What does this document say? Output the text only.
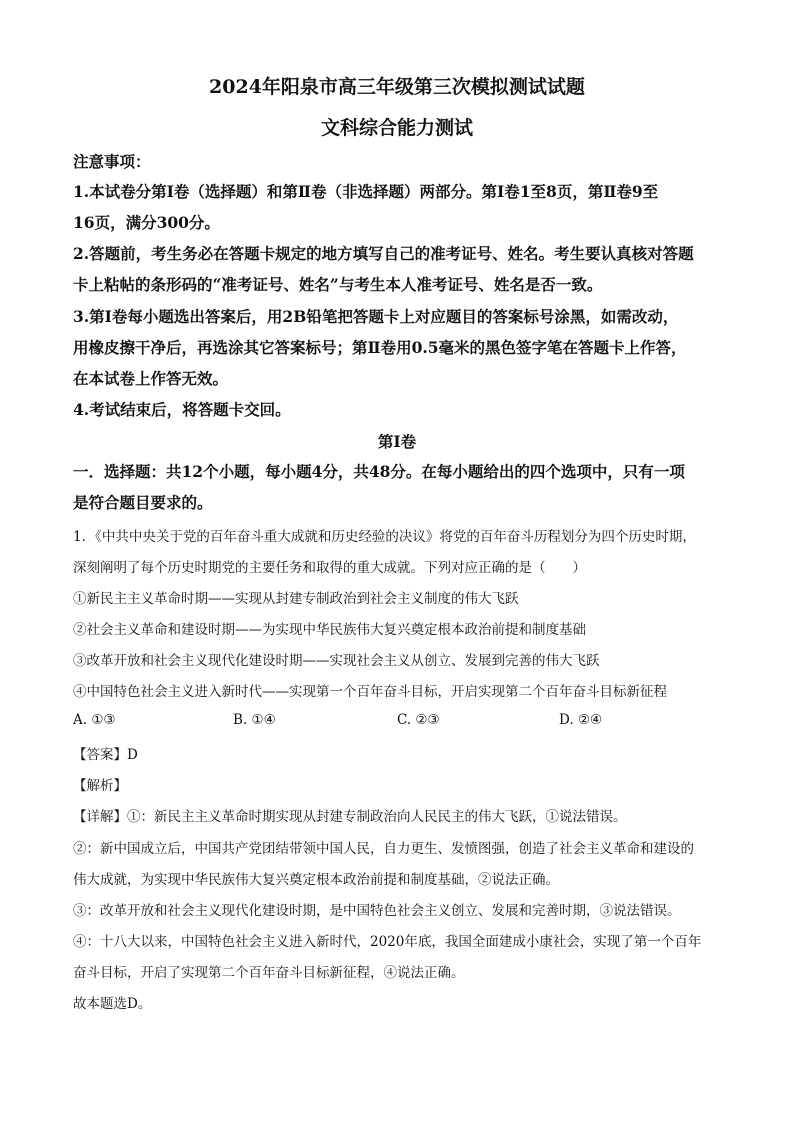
2024年阳泉市高三年级第三次模拟测试试题
文科综合能力测试
注意事项：
1.本试卷分第Ⅰ卷（选择题）和第Ⅱ卷（非选择题）两部分。第Ⅰ卷1至8页，第Ⅱ卷9至
16页，满分300分。
2.答题前，考生务必在答题卡规定的地方填写自己的准考证号、姓名。考生要认真核对答题
卡上粘帖的条形码的“准考证号、姓名”与考生本人准考证号、姓名是否一致。
3.第Ⅰ卷每小题选出答案后，用2B铅笔把答题卡上对应题目的答案标号涂黑，如需改动，
用橡皮擦干净后，再选涂其它答案标号；第Ⅱ卷用0.5毫米的黑色签字笔在答题卡上作答，
在本试卷上作答无效。
4.考试结束后，将答题卡交回。
第Ⅰ卷
一．选择题：共12个小题，每小题4分，共48分。在每小题给出的四个选项中，只有一项
是符合题目要求的。
1．《中共中央关于党的百年奋斗重大成就和历史经验的决议》将党的百年奋斗历程划分为四个历史时期，
深刻阐明了每个历史时期党的主要任务和取得的重大成就。下列对应正确的是（　　）
①新民主主义革命时期——实现从封建专制政治到社会主义制度的伟大飞跃
②社会主义革命和建设时期——为实现中华民族伟大复兴奠定根本政治前提和制度基础
③改革开放和社会主义现代化建设时期——实现社会主义从创立、发展到完善的伟大飞跃
④中国特色社会主义进入新时代——实现第一个百年奋斗目标，开启实现第二个百年奋斗目标新征程
A. ①③	B. ①④	C. ②③	D. ②④
【答案】D
【解析】
【详解】①：新民主主义革命时期实现从封建专制政治向人民民主的伟大飞跃，①说法错误。
②：新中国成立后，中国共产党团结带领中国人民，自力更生、发愤图强，创造了社会主义革命和建设的
伟大成就，为实现中华民族伟大复兴奠定根本政治前提和制度基础，②说法正确。
③：改革开放和社会主义现代化建设时期，是中国特色社会主义创立、发展和完善时期，③说法错误。
④：十八大以来，中国特色社会主义进入新时代，2020年底，我国全面建成小康社会，实现了第一个百年
奋斗目标，开启了实现第二个百年奋斗目标新征程，④说法正确。
故本题选D。
